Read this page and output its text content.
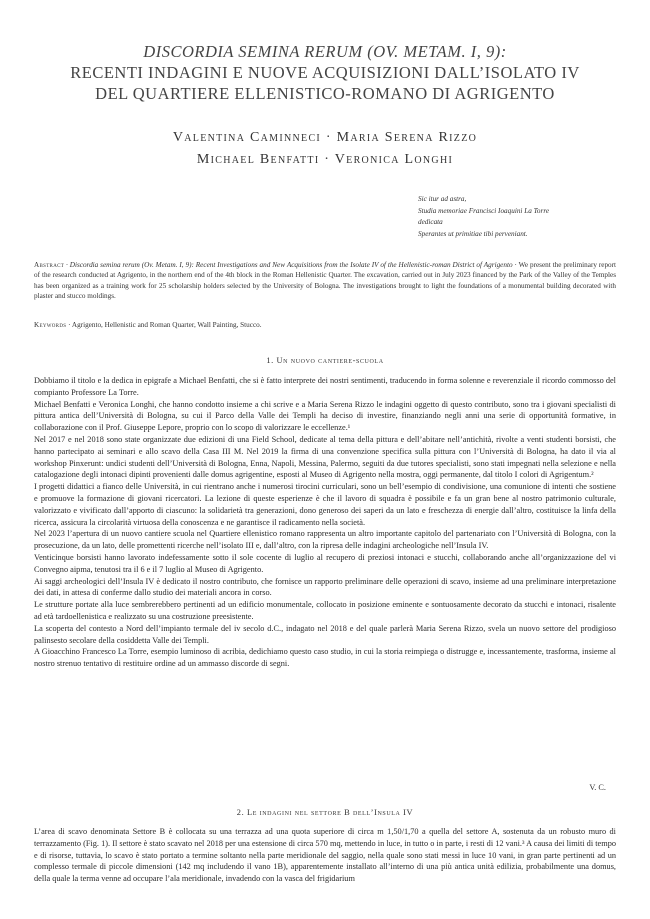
DISCORDIA SEMINA RERUM (OV. METAM. I, 9):
RECENTI INDAGINI E NUOVE ACQUISIZIONI DALL’ISOLATO IV
DEL QUARTIERE ELLENISTICO-ROMANO DI AGRIGENTO
Valentina Caminneci · Maria Serena Rizzo
Michael Benfatti · Veronica Longhi
Sic itur ad astra,
Studia memoriae Francisci Ioaquini La Torre
dedicata
Sperantes ut primitiae tibi perveniant.
Abstract · Discordia semina rerum (Ov. Metam. I, 9): Recent Investigations and New Acquisitions from the Isolate IV of the Hellenistic-roman District of Agrigento · We present the preliminary report of the research conducted at Agrigento, in the northern end of the 4th block in the Roman Hellenistic Quarter. The excavation, carried out in July 2023 financed by the Park of the Valley of the Temples has been organized as a training work for 25 scholarship holders selected by the University of Bologna. The investigations brought to light the foundations of a monumental building decorated with plaster and stucco moldings.
Keywords · Agrigento, Hellenistic and Roman Quarter, Wall Painting, Stucco.
1. Un nuovo cantiere-scuola

Dobbiamo il titolo e la dedica in epigrafe a Michael Benfatti, che si è fatto interprete dei nostri sentimenti, traducendo in forma solenne e reverenziale il ricordo commosso del compianto Professore La Torre.

Michael Benfatti e Veronica Longhi, che hanno condotto insieme a chi scrive e a Maria Serena Rizzo le indagini oggetto di questo contributo, sono tra i giovani specialisti di pittura antica dell’Università di Bologna, su cui il Parco della Valle dei Templi ha deciso di investire, finanziando negli anni una serie di opportunità formative, in collaborazione con il Prof. Giuseppe Lepore, proprio con lo scopo di valorizzare le eccellenze.¹

Nel 2017 e nel 2018 sono state organizzate due edizioni di una Field School, dedicate al tema della pittura e dell’abitare nell’antichità, rivolte a venti studenti borsisti, che hanno partecipato ai seminari e allo scavo della Casa III M. Nel 2019 la firma di una convenzione specifica sulla pittura con l’Università di Bologna, ha dato il via al workshop Pinxerunt: undici studenti dell’Università di Bologna, Enna, Napoli, Messina, Palermo, seguiti da due tutores specialisti, sono stati impegnati nella selezione e nella catalogazione degli intonaci dipinti provenienti dalle domus agrigentine, esposti al Museo di Agrigento nella mostra, oggi permanente, dal titolo I colori di Agrigentum.²

I progetti didattici a fianco delle Università, in cui rientrano anche i numerosi tirocini curriculari, sono un bell’esempio di condivisione, una comunione di intenti che sostiene e promuove la formazione di giovani ricercatori. La lezione di queste esperienze è che il lavoro di squadra è possibile e fa un gran bene al nostro patrimonio culturale, valorizzato e vivificato dall’apporto di ciascuno: la solidarietà tra generazioni, dono generoso dei saperi da un lato e freschezza di energie dall’altro, costituisce la linfa della ricerca, assicura la circolarità virtuosa della conoscenza e ne garantisce il radicamento nella società.

Nel 2023 l’apertura di un nuovo cantiere scuola nel Quartiere ellenistico romano rappresenta un altro importante capitolo del partenariato con l’Università di Bologna, con la prosecuzione, da un lato, delle promettenti ricerche nell’isolato III e, dall’altro, con la ripresa delle indagini archeologiche nell’Insula IV.

Venticinque borsisti hanno lavorato indefessamente sotto il sole cocente di luglio al recupero di preziosi intonaci e stucchi, collaborando anche all’organizzazione del vi Convegno aipma, tenutosi tra il 6 e il 7 luglio al Museo di Agrigento.

Ai saggi archeologici dell’Insula IV è dedicato il nostro contributo, che fornisce un rapporto preliminare delle operazioni di scavo, insieme ad una preliminare interpretazione dei dati, in attesa di conferme dallo studio dei materiali ancora in corso.

Le strutture portate alla luce sembrerebbero pertinenti ad un edificio monumentale, collocato in posizione eminente e sontuosamente decorato da stucchi e intonaci, risalente ad età tardoellenistica e realizzato su una costruzione preesistente.

La scoperta del contesto a Nord dell’impianto termale del iv secolo d.C., indagato nel 2018 e del quale parlerà Maria Serena Rizzo, svela un nuovo settore del prodigioso palinsesto secolare della cosiddetta Valle dei Templi.

A Gioacchino Francesco La Torre, esempio luminoso di acribia, dedichiamo questo caso studio, in cui la storia reimpiega o distrugge e, incessantemente, trasforma, insieme al nostro strenuo tentativo di restituire ordine ad un ammasso discorde di segni.

V. C.
2. Le indagini nel settore B dell’Insula IV

L’area di scavo denominata Settore B è collocata su una terrazza ad una quota superiore di circa m 1,50/1,70 a quella del settore A, sostenuta da un robusto muro di terrazzamento (Fig. 1). Il settore è stato scavato nel 2018 per una estensione di circa 570 mq, mettendo in luce, in tutto o in parte, i resti di 12 vani.³ A causa dei limiti di tempo e di risorse, tuttavia, lo scavo è stato portato a termine soltanto nella parte meridionale del saggio, nella quale sono stati messi in luce 10 vani, in gran parte pertinenti ad un complesso termale di piccole dimensioni (142 mq includendo il vano 1B), apparentemente installato all’interno di una più antica unità edilizia, probabilmente una domus, della quale la terma venne ad occupare l’ala meridionale, invadendo con la vasca del frigidarium
